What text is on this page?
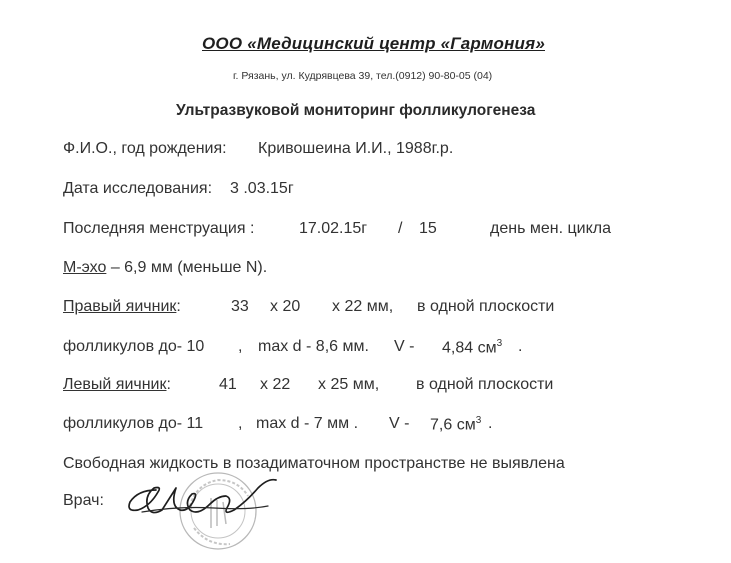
ООО «Медицинский центр «Гармония»
г. Рязань, ул. Кудрявцева 39, тел.(0912) 90-80-05 (04)
Ультразвуковой мониторинг фолликулогенеза
Ф.И.О., год рождения: Кривошеина И.И., 1988г.р.
Дата исследования: 3 .03.15г
Последняя менструация :	17.02.15г / 15	день мен. цикла
М-эхо – 6,9 мм (меньше N).
Правый яичник:	33 x 20 x 22 мм, в одной плоскости
фолликулов до- 10 , max d - 8,6 мм. V - 4,84 $см^3$ .
Левый яичник:	41 x 22 x 25 мм, в одной плоскости
фолликулов до- 11 , max d - 7 мм . V - 7,6 $см^3$ .
Свободная жидкость в позадиматочном пространстве не выявлена
Врач:
